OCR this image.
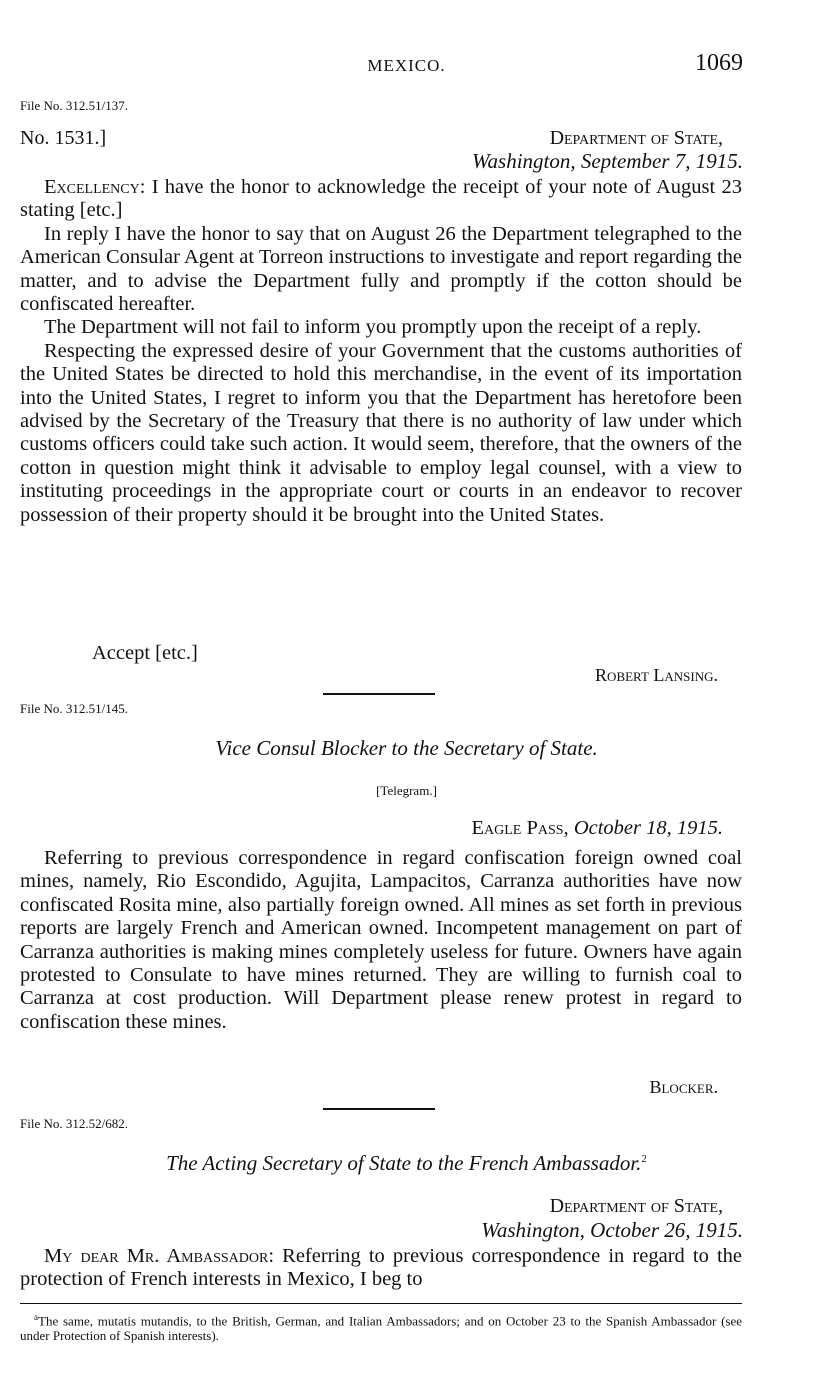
MEXICO.	1069
File No. 312.51/137.
No. 1531.]	Department of State,
Washington, September 7, 1915.

Excellency: I have the honor to acknowledge the receipt of your note of August 23 stating [etc.]

In reply I have the honor to say that on August 26 the Department telegraphed to the American Consular Agent at Torreon instructions to investigate and report regarding the matter, and to advise the Department fully and promptly if the cotton should be confiscated hereafter.

The Department will not fail to inform you promptly upon the receipt of a reply.

Respecting the expressed desire of your Government that the customs authorities of the United States be directed to hold this merchandise, in the event of its importation into the United States, I regret to inform you that the Department has heretofore been advised by the Secretary of the Treasury that there is no authority of law under which customs officers could take such action. It would seem, therefore, that the owners of the cotton in question might think it advisable to employ legal counsel, with a view to instituting proceedings in the appropriate court or courts in an endeavor to recover possession of their property should it be brought into the United States.

Accept [etc.]
Robert Lansing.
File No. 312.51/145.
Vice Consul Blocker to the Secretary of State.
[Telegram.]
Eagle Pass, October 18, 1915.

Referring to previous correspondence in regard confiscation foreign owned coal mines, namely, Rio Escondido, Agujita, Lampacitos, Carranza authorities have now confiscated Rosita mine, also partially foreign owned. All mines as set forth in previous reports are largely French and American owned. Incompetent management on part of Carranza authorities is making mines completely useless for future. Owners have again protested to Consulate to have mines returned. They are willing to furnish coal to Carranza at cost production. Will Department please renew protest in regard to confiscation these mines.

Blocker.
File No. 312.52/682.
The Acting Secretary of State to the French Ambassador.$^2$
Department of State,
Washington, October 26, 1915.

My dear Mr. Ambassador: Referring to previous correspondence in regard to the protection of French interests in Mexico, I beg to

$^a$The same, mutatis mutandis, to the British, German, and Italian Ambassadors; and on October 23 to the Spanish Ambassador (see under Protection of Spanish interests).
